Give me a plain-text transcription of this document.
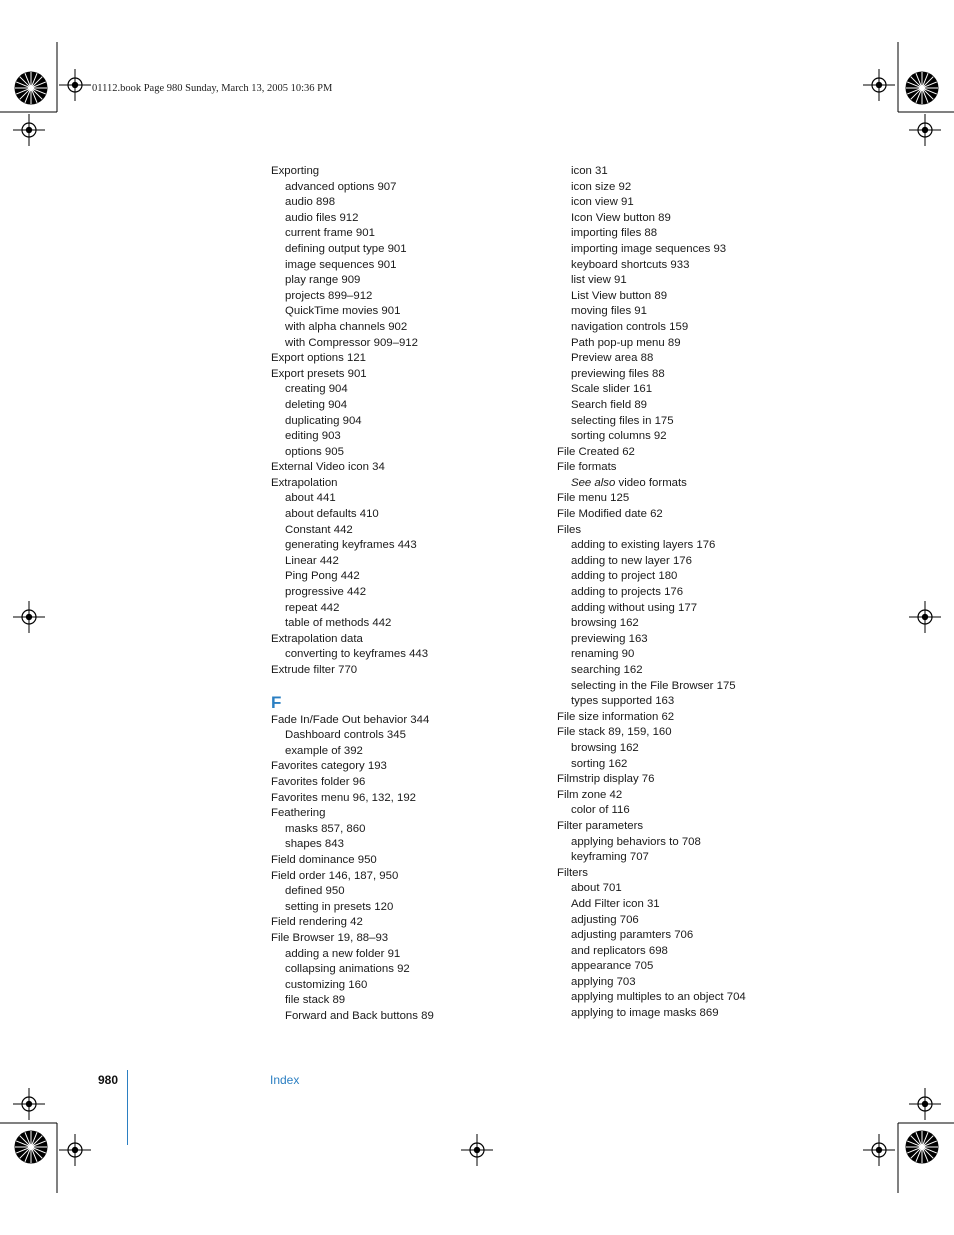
01112.book Page 980 Sunday, March 13, 2005 10:36 PM
Exporting
advanced options 907
audio 898
audio files 912
current frame 901
defining output type 901
image sequences 901
play range 909
projects 899–912
QuickTime movies 901
with alpha channels 902
with Compressor 909–912
Export options 121
Export presets 901
creating 904
deleting 904
duplicating 904
editing 903
options 905
External Video icon 34
Extrapolation
about 441
about defaults 410
Constant 442
generating keyframes 443
Linear 442
Ping Pong 442
progressive 442
repeat 442
table of methods 442
Extrapolation data
converting to keyframes 443
Extrude filter 770
F
Fade In/Fade Out behavior 344
Dashboard controls 345
example of 392
Favorites category 193
Favorites folder 96
Favorites menu 96, 132, 192
Feathering
masks 857, 860
shapes 843
Field dominance 950
Field order 146, 187, 950
defined 950
setting in presets 120
Field rendering 42
File Browser 19, 88–93
adding a new folder 91
collapsing animations 92
customizing 160
file stack 89
Forward and Back buttons 89
icon 31
icon size 92
icon view 91
Icon View button 89
importing files 88
importing image sequences 93
keyboard shortcuts 933
list view 91
List View button 89
moving files 91
navigation controls 159
Path pop-up menu 89
Preview area 88
previewing files 88
Scale slider 161
Search field 89
selecting files in 175
sorting columns 92
File Created 62
File formats
See also video formats
File menu 125
File Modified date 62
Files
adding to existing layers 176
adding to new layer 176
adding to project 180
adding to projects 176
adding without using 177
browsing 162
previewing 163
renaming 90
searching 162
selecting in the File Browser 175
types supported 163
File size information 62
File stack 89, 159, 160
browsing 162
sorting 162
Filmstrip display 76
Film zone 42
color of 116
Filter parameters
applying behaviors to 708
keyframing 707
Filters
about 701
Add Filter icon 31
adjusting 706
adjusting paramters 706
and replicators 698
appearance 705
applying 703
applying multiples to an object 704
applying to image masks 869
980	Index
